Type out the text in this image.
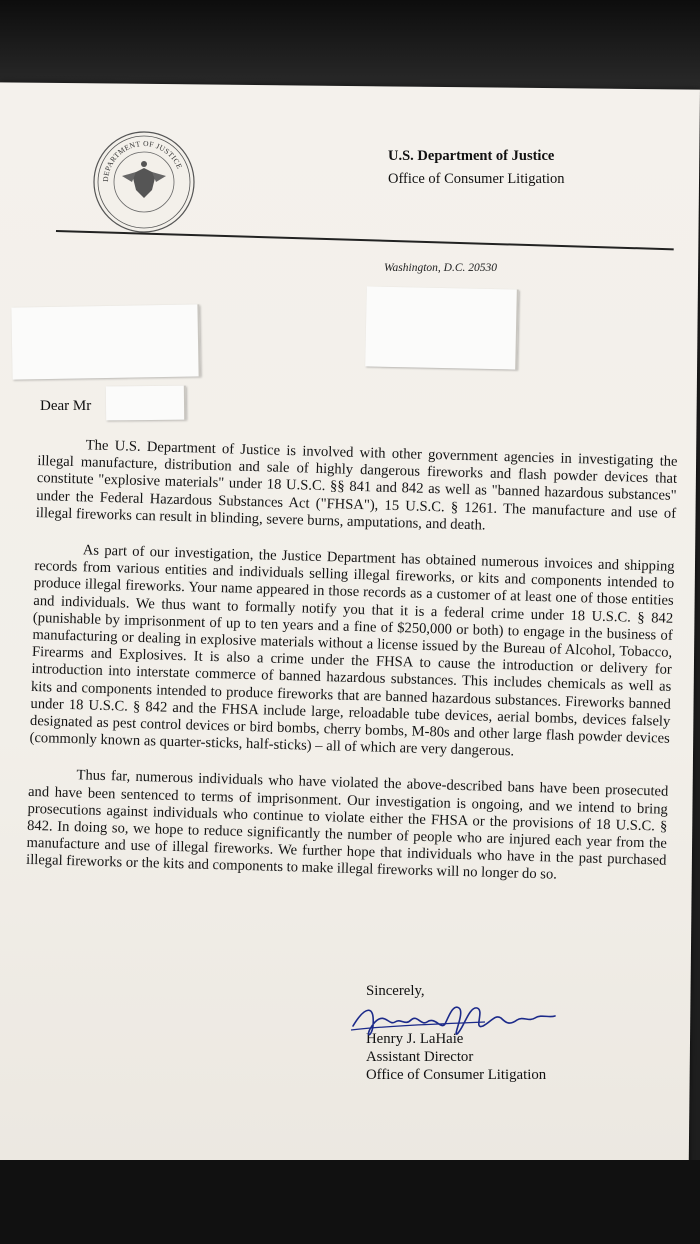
DEPARTMENT OF JUSTICE
U.S. Department of Justice
Office of Consumer Litigation
Washington, D.C. 20530
Dear Mr

The U.S. Department of Justice is involved with other government agencies in investigating the illegal manufacture, distribution and sale of highly dangerous fireworks and flash powder devices that constitute "explosive materials" under 18 U.S.C. §§ 841 and 842 as well as "banned hazardous substances" under the Federal Hazardous Substances Act ("FHSA"), 15 U.S.C. § 1261. The manufacture and use of illegal fireworks can result in blinding, severe burns, amputations, and death.

As part of our investigation, the Justice Department has obtained numerous invoices and shipping records from various entities and individuals selling illegal fireworks, or kits and components intended to produce illegal fireworks. Your name appeared in those records as a customer of at least one of those entities and individuals. We thus want to formally notify you that it is a federal crime under 18 U.S.C. § 842 (punishable by imprisonment of up to ten years and a fine of $250,000 or both) to engage in the business of manufacturing or dealing in explosive materials without a license issued by the Bureau of Alcohol, Tobacco, Firearms and Explosives. It is also a crime under the FHSA to cause the introduction or delivery for introduction into interstate commerce of banned hazardous substances. This includes chemicals as well as kits and components intended to produce fireworks that are banned hazardous substances. Fireworks banned under 18 U.S.C. § 842 and the FHSA include large, reloadable tube devices, aerial bombs, devices falsely designated as pest control devices or bird bombs, cherry bombs, M-80s and other large flash powder devices (commonly known as quarter-sticks, half-sticks) – all of which are very dangerous.

Thus far, numerous individuals who have violated the above-described bans have been prosecuted and have been sentenced to terms of imprisonment. Our investigation is ongoing, and we intend to bring prosecutions against individuals who continue to violate either the FHSA or the provisions of 18 U.S.C. § 842. In doing so, we hope to reduce significantly the number of people who are injured each year from the manufacture and use of illegal fireworks. We further hope that individuals who have in the past purchased illegal fireworks or the kits and components to make illegal fireworks will no longer do so.

Sincerely,
Henry J. LaHaie
Assistant Director
Office of Consumer Litigation
